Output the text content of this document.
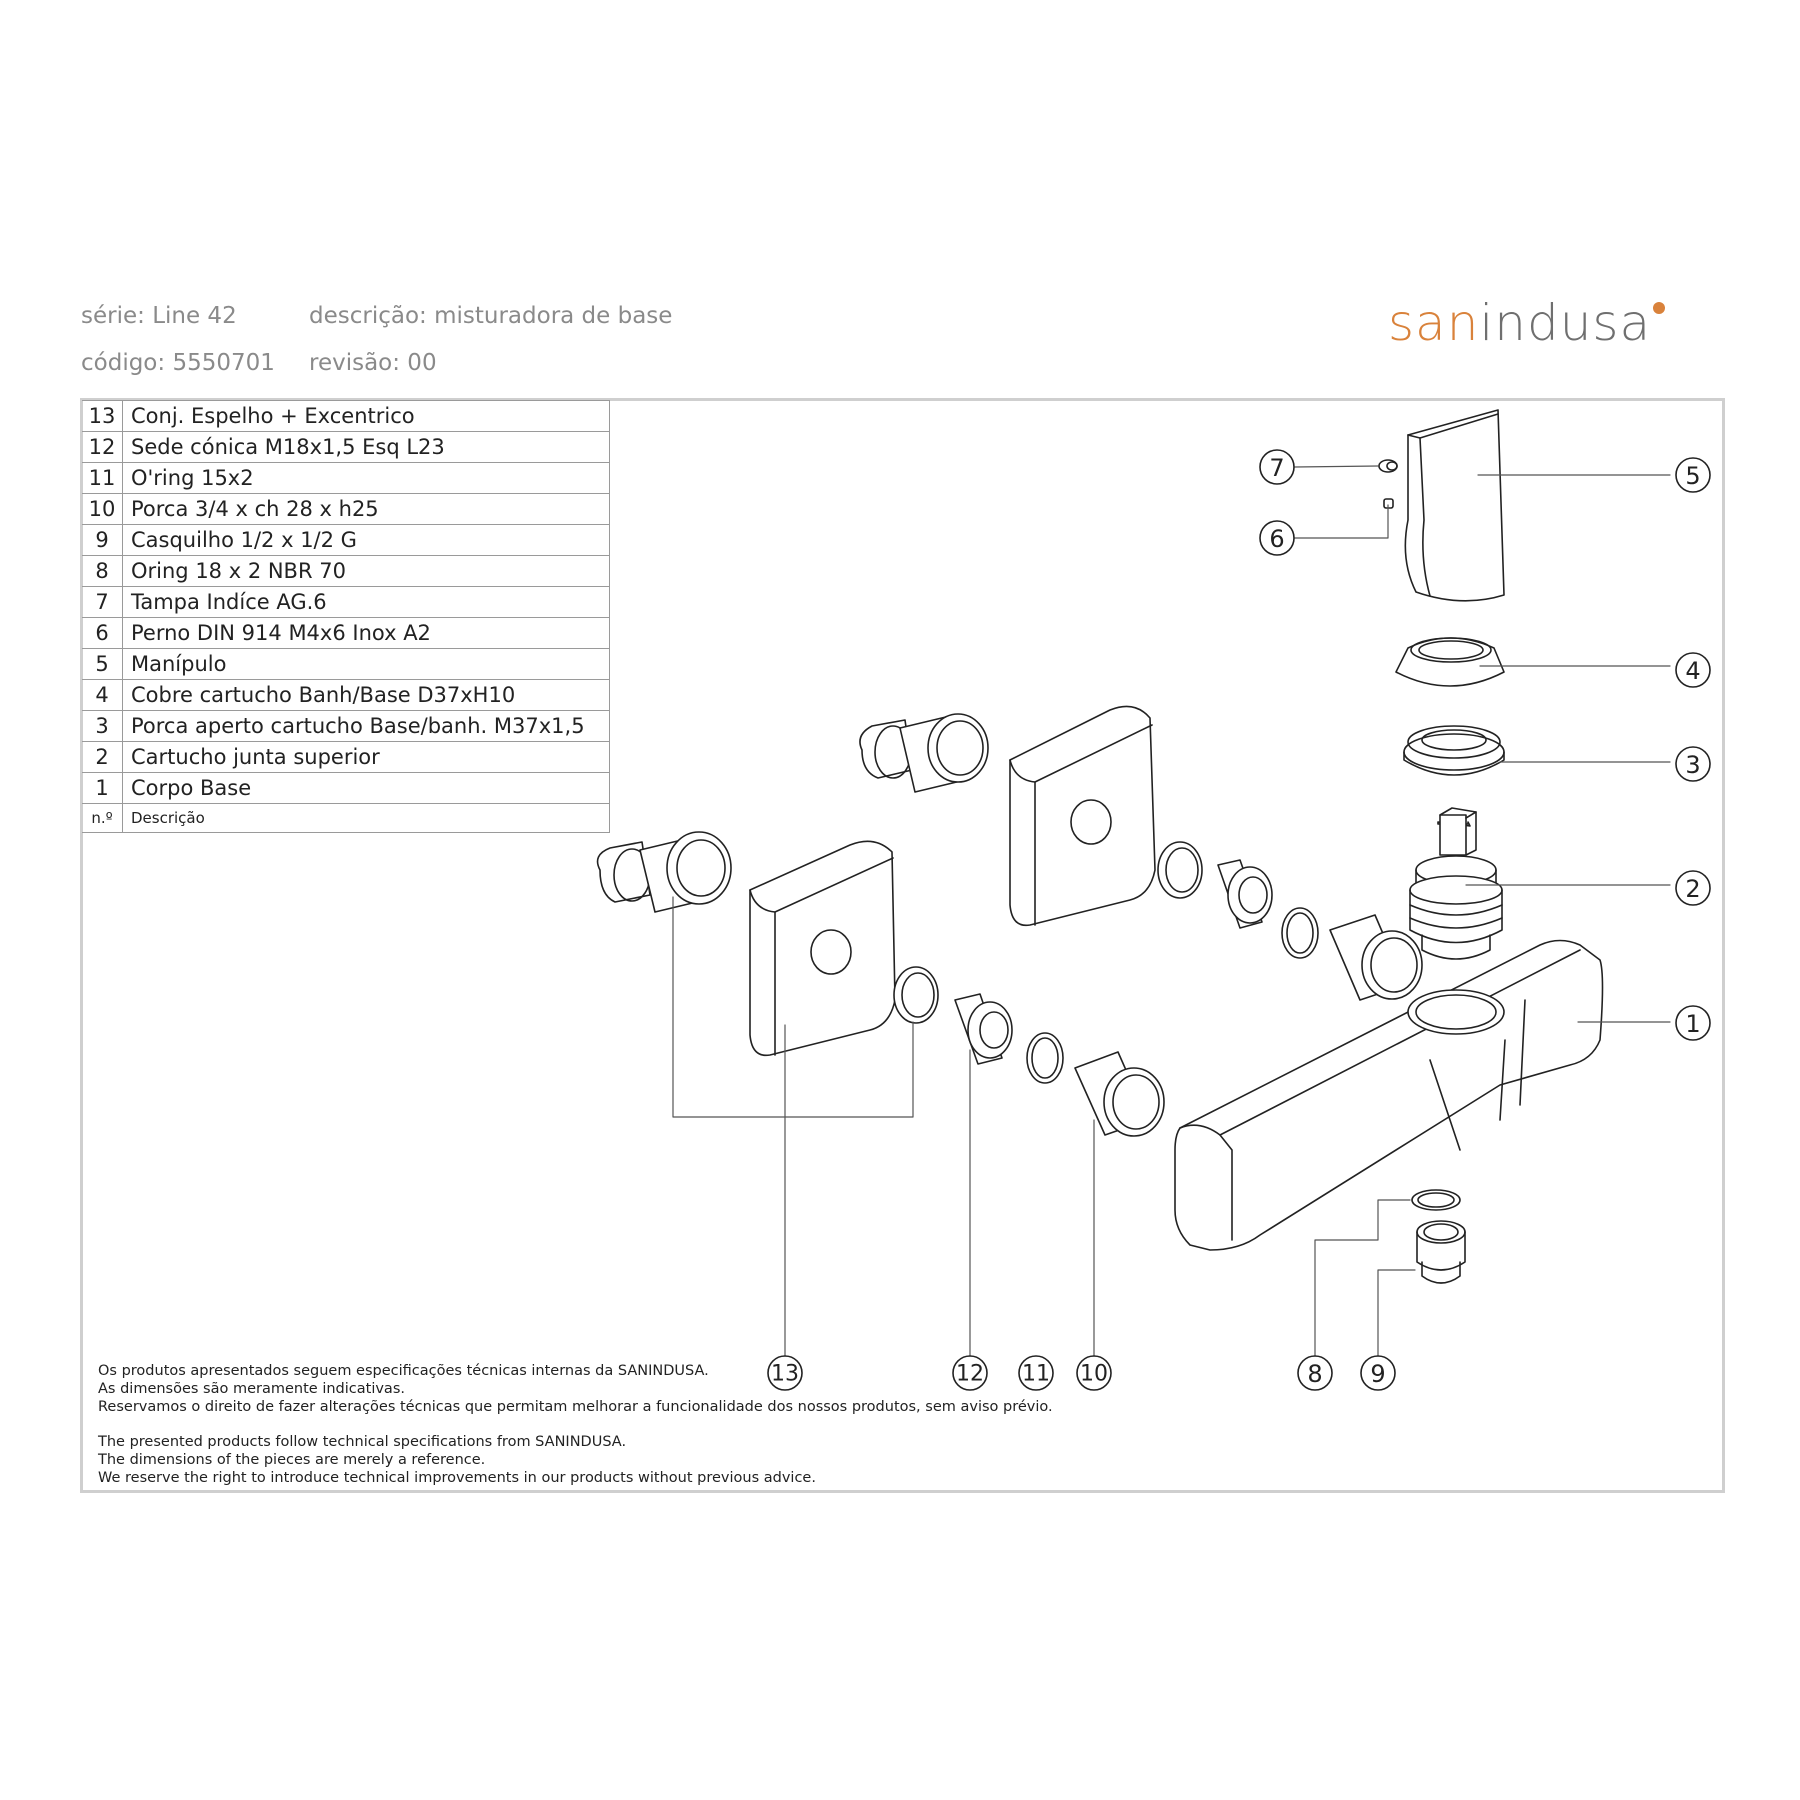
série: Line 42	descrição: misturadora de base
código: 5550701 revisão: 00
sanindusa
13	Conj. Espelho + Excentrico
12	Sede cónica M18x1,5 Esq L23
11	O'ring 15x2
10	Porca 3/4 x ch 28 x h25
9	Casquilho 1/2 x 1/2 G
8	Oring 18 x 2 NBR 70
7	Tampa Indíce AG.6
6	Perno DIN 914 M4x6 Inox A2
5	Manípulo
4	Cobre cartucho Banh/Base D37xH10
3	Porca aperto cartucho Base/banh. M37x1,5
2	Cartucho junta superior
1	Corpo Base
n.º	Descrição
7
6
5
4
3
2
1
13	12 11 10	8 9
Os produtos apresentados seguem especificações técnicas internas da SANINDUSA.
As dimensões são meramente indicativas.
Reservamos o direito de fazer alterações técnicas que permitam melhorar a funcionalidade dos nossos produtos, sem aviso prévio.
The presented products follow technical specifications from SANINDUSA.
The dimensions of the pieces are merely a reference.
We reserve the right to introduce technical improvements in our products without previous advice.
